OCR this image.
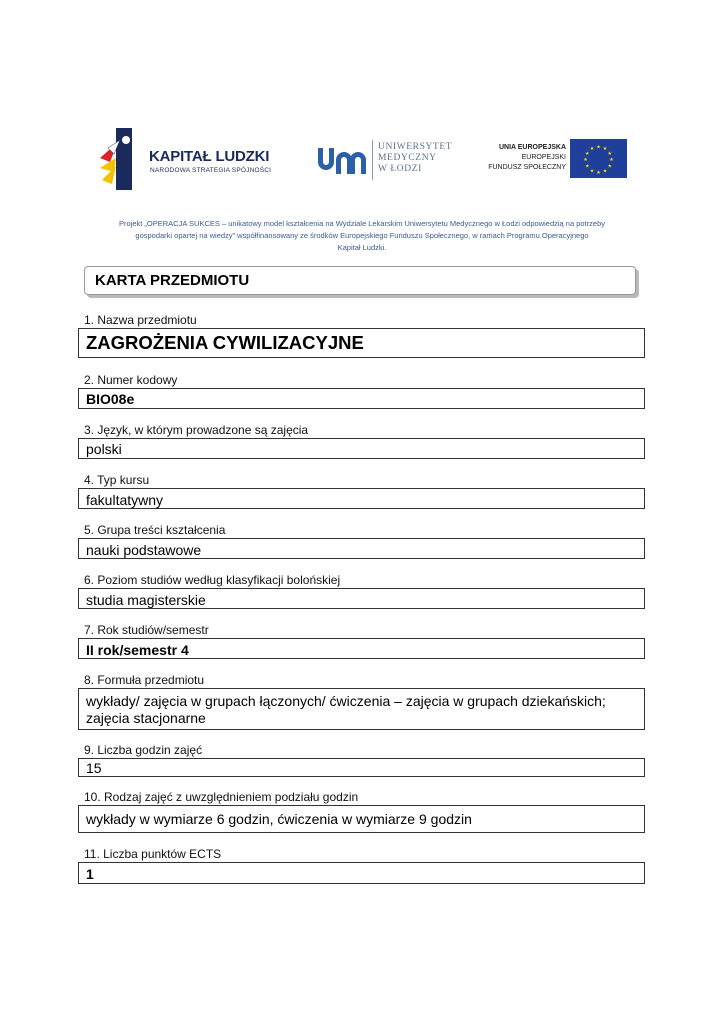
KAPITAŁ LUDZKI
NARODOWA STRATEGIA SPÓJNOŚCI
UNIWERSYTET
MEDYCZNY
W ŁODZI
UNIA EUROPEJSKA
EUROPEJSKI
FUNDUSZ SPOŁECZNY
★ ★
★
★
★
★
★
★
★
★
★
★
Projekt „OPERACJA SUKCES – unikatowy model kształcenia na Wydziale Lekarskim Uniwersytetu Medycznego w Łodzi odpowiedzią na potrzeby
gospodarki opartej na wiedzy” współfinansowany ze środków Europejskiego Funduszu Społecznego, w ramach Programu Operacyjnego
Kapitał Ludzki.
KARTA PRZEDMIOTU
1. Nazwa przedmiotu
ZAGROŻENIA CYWILIZACYJNE
2. Numer kodowy
BIO08e
3. Język, w którym prowadzone są zajęcia
polski
4. Typ kursu
fakultatywny
5. Grupa treści kształcenia
nauki podstawowe
6. Poziom studiów według klasyfikacji bolońskiej
studia magisterskie
7. Rok studiów/semestr
II rok/semestr 4
8. Formuła przedmiotu
wykłady/ zajęcia w grupach łączonych/ ćwiczenia – zajęcia w grupach dziekańskich; zajęcia stacjonarne
9. Liczba godzin zajęć
15
10. Rodzaj zajęć z uwzględnieniem podziału godzin
wykłady w wymiarze 6 godzin, ćwiczenia w wymiarze 9 godzin
11. Liczba punktów ECTS
1
